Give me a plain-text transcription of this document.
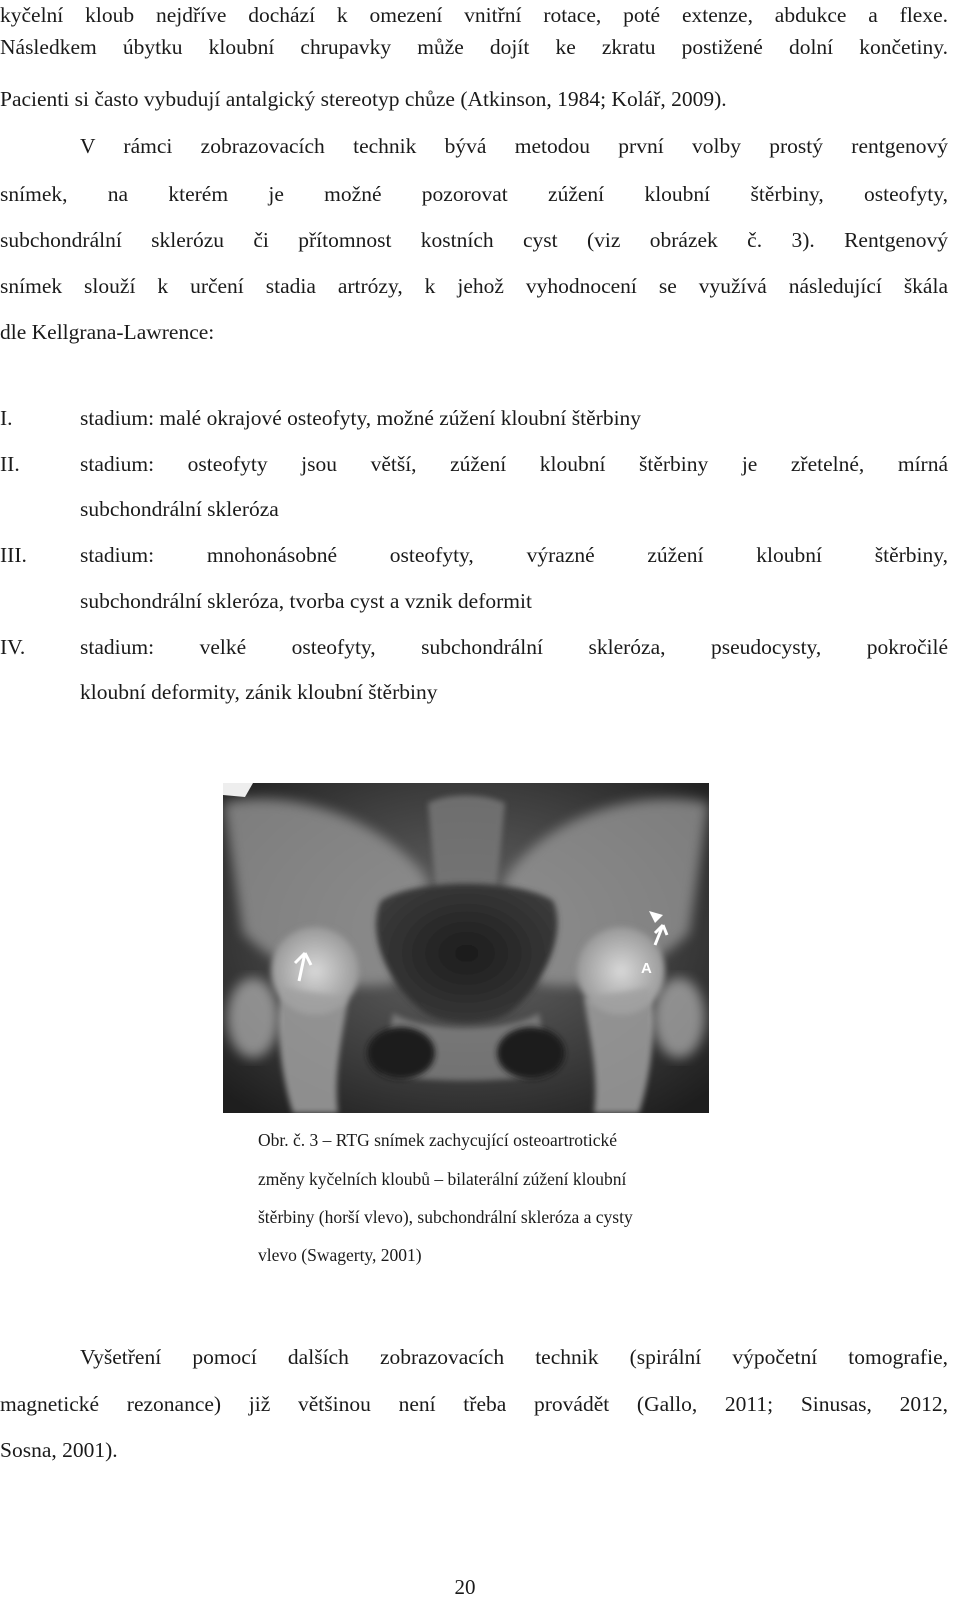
kyčelní kloub nejdříve dochází k omezení vnitřní rotace, poté extenze, abdukce a flexe.
Následkem úbytku kloubní chrupavky může dojít ke zkratu postižené dolní končetiny.
Pacienti si často vybudují antalgický stereotyp chůze (Atkinson, 1984; Kolář, 2009).
V rámci zobrazovacích technik bývá metodou první volby prostý rentgenový
snímek, na kterém je možné pozorovat zúžení kloubní štěrbiny, osteofyty,
subchondrální sklerózu či přítomnost kostních cyst (viz obrázek č. 3). Rentgenový
snímek slouží k určení stadia artrózy, k jehož vyhodnocení se využívá následující škála
dle Kellgrana-Lawrence:
I.	stadium: malé okrajové osteofyty, možné zúžení kloubní štěrbiny
II.	stadium: osteofyty jsou větší, zúžení kloubní štěrbiny je zřetelné, mírná
subchondrální skleróza
III. stadium: mnohonásobné osteofyty, výrazné zúžení kloubní štěrbiny,
subchondrální skleróza, tvorba cyst a vznik deformit
IV.	stadium: velké osteofyty, subchondrální skleróza, pseudocysty, pokročilé
kloubní deformity, zánik kloubní štěrbiny
A
Obr. č. 3 – RTG snímek zachycující osteoartrotické
změny kyčelních kloubů – bilaterální zúžení kloubní
štěrbiny (horší vlevo), subchondrální skleróza a cysty
vlevo (Swagerty, 2001)
Vyšetření pomocí dalších zobrazovacích technik (spirální výpočetní tomografie,
magnetické rezonance) již většinou není třeba provádět (Gallo, 2011; Sinusas, 2012,
Sosna, 2001).
20
